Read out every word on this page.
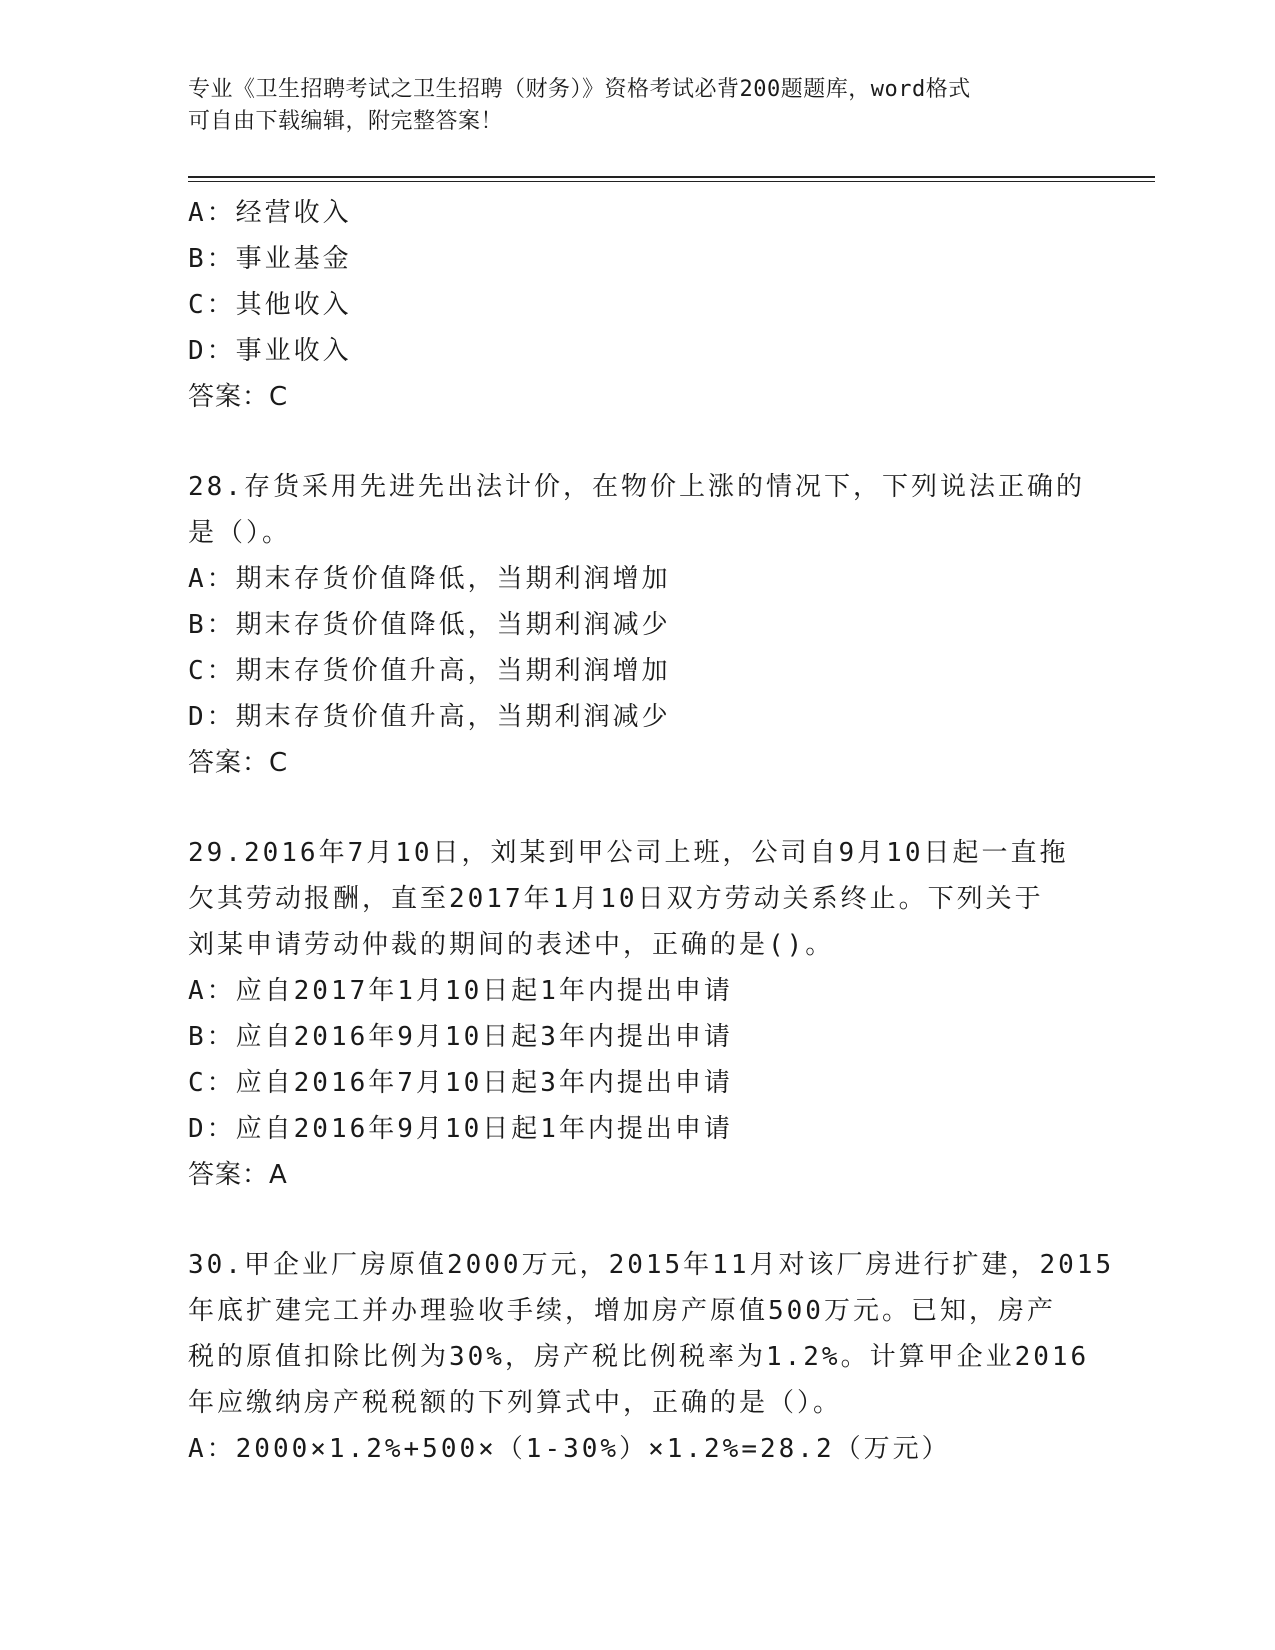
专业《卫生招聘考试之卫生招聘（财务）》资格考试必背200题题库，word格式
可自由下载编辑，附完整答案！

A：经营收入

B：事业基金

C：其他收入

D：事业收入

答案：C

28.存货采用先进先出法计价，在物价上涨的情况下，下列说法正确的

是（）。

A：期末存货价值降低，当期利润增加

B：期末存货价值降低，当期利润减少

C：期末存货价值升高，当期利润增加

D：期末存货价值升高，当期利润减少

答案：C

29.2016年7月10日，刘某到甲公司上班，公司自9月10日起一直拖

欠其劳动报酬，直至2017年1月10日双方劳动关系终止。下列关于

刘某申请劳动仲裁的期间的表述中，正确的是()。

A：应自2017年1月10日起1年内提出申请

B：应自2016年9月10日起3年内提出申请

C：应自2016年7月10日起3年内提出申请

D：应自2016年9月10日起1年内提出申请

答案：A

30.甲企业厂房原值2000万元，2015年11月对该厂房进行扩建，2015

年底扩建完工并办理验收手续，增加房产原值500万元。已知，房产

税的原值扣除比例为30%，房产税比例税率为1.2%。计算甲企业2016

年应缴纳房产税税额的下列算式中，正确的是（）。

A：2000×1.2%+500×（1-30%）×1.2%=28.2（万元）
